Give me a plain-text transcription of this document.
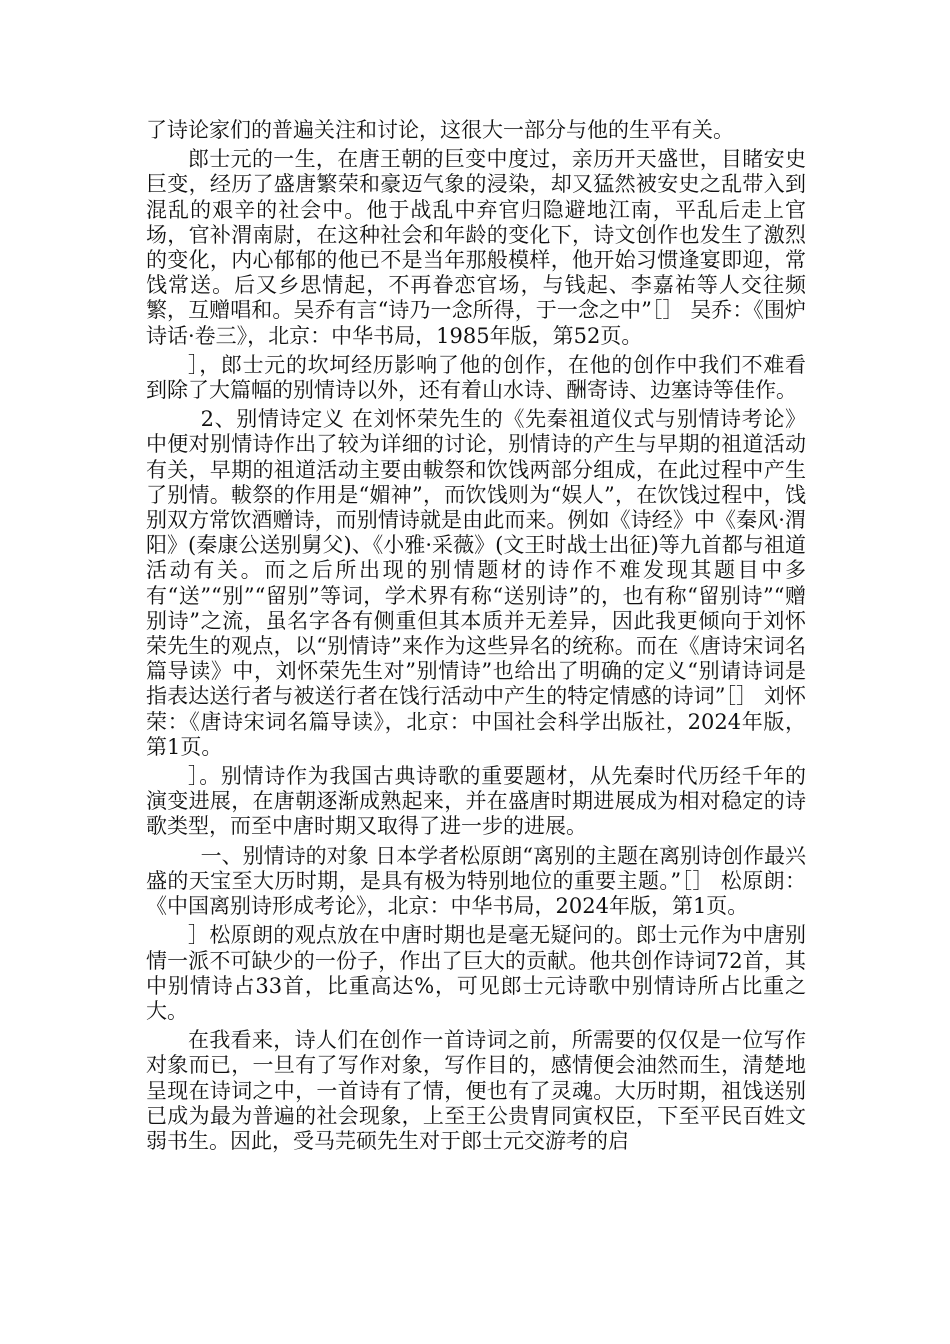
了诗论家们的普遍关注和讨论，这很大一部分与他的生平有关。

郎士元的一生，在唐王朝的巨变中度过，亲历开天盛世，目睹安史巨变，经历了盛唐繁荣和豪迈气象的浸染，却又猛然被安史之乱带入到混乱的艰辛的社会中。他于战乱中弃官归隐避地江南，平乱后走上官场，官补渭南尉，在这种社会和年龄的变化下，诗文创作也发生了激烈的变化，内心郁郁的他已不是当年那般模样，他开始习惯逢宴即迎，常饯常送。后又乡思情起，不再眷恋官场，与钱起、李嘉祐等人交往频繁，互赠唱和。吴乔有言“诗乃一念所得，于一念之中”［］ 吴乔：《围炉诗话·卷三》，北京：中华书局，1985年版，第52页。

］，郎士元的坎坷经历影响了他的创作，在他的创作中我们不难看到除了大篇幅的别情诗以外，还有着山水诗、酬寄诗、边塞诗等佳作。

2、别情诗定义 在刘怀荣先生的《先秦祖道仪式与别情诗考论》中便对别情诗作出了较为详细的讨论，别情诗的产生与早期的祖道活动有关，早期的祖道活动主要由軷祭和饮饯两部分组成，在此过程中产生了别情。軷祭的作用是“媚神”，而饮饯则为“娱人”，在饮饯过程中，饯别双方常饮酒赠诗，而别情诗就是由此而来。例如《诗经》中《秦风·渭阳》(秦康公送别舅父)、《小雅·采薇》(文王时战士出征)等九首都与祖道活动有关。而之后所出现的别情题材的诗作不难发现其题目中多有“送”“别”“留别”等词，学术界有称“送别诗”的，也有称“留别诗”“赠别诗”之流，虽名字各有侧重但其本质并无差异，因此我更倾向于刘怀荣先生的观点，以“别情诗”来作为这些异名的统称。而在《唐诗宋词名篇导读》中，刘怀荣先生对”别情诗”也给出了明确的定义“别请诗词是指表达送行者与被送行者在饯行活动中产生的特定情感的诗词”［］ 刘怀荣：《唐诗宋词名篇导读》，北京：中国社会科学出版社，2024年版，第1页。

］。别情诗作为我国古典诗歌的重要题材，从先秦时代历经千年的演变进展，在唐朝逐渐成熟起来，并在盛唐时期进展成为相对稳定的诗歌类型，而至中唐时期又取得了进一步的进展。

一、别情诗的对象 日本学者松原朗“离别的主题在离别诗创作最兴盛的天宝至大历时期，是具有极为特别地位的重要主题。”［］ 松原朗：《中国离别诗形成考论》，北京：中华书局，2024年版，第1页。

］松原朗的观点放在中唐时期也是毫无疑问的。郎士元作为中唐别情一派不可缺少的一份子，作出了巨大的贡献。他共创作诗词72首，其中别情诗占33首，比重高达%，可见郎士元诗歌中别情诗所占比重之大。

在我看来，诗人们在创作一首诗词之前，所需要的仅仅是一位写作对象而已，一旦有了写作对象，写作目的，感情便会油然而生，清楚地呈现在诗词之中，一首诗有了情，便也有了灵魂。大历时期，祖饯送别已成为最为普遍的社会现象，上至王公贵胄同寅权臣，下至平民百姓文弱书生。因此，受马芫硕先生对于郎士元交游考的启
